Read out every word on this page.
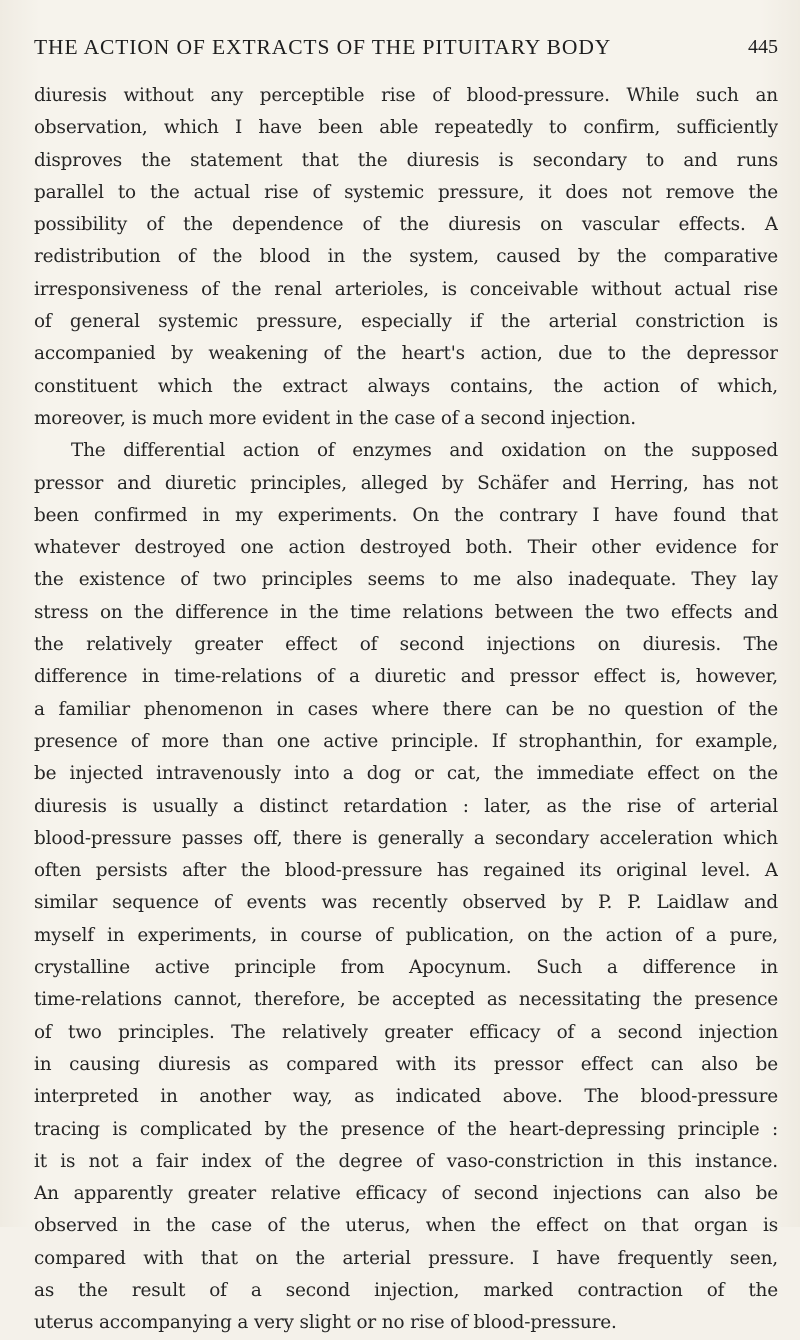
THE ACTION OF EXTRACTS OF THE PITUITARY BODY	445
diuresis without any perceptible rise of blood-pressure. While such an
observation, which I have been able repeatedly to confirm, sufficiently
disproves the statement that the diuresis is secondary to and runs
parallel to the actual rise of systemic pressure, it does not remove the
possibility of the dependence of the diuresis on vascular effects. A
redistribution of the blood in the system, caused by the comparative
irresponsiveness of the renal arterioles, is conceivable without actual rise
of general systemic pressure, especially if the arterial constriction is
accompanied by weakening of the heart's action, due to the depressor
constituent which the extract always contains, the action of which,
moreover, is much more evident in the case of a second injection.
The differential action of enzymes and oxidation on the supposed
pressor and diuretic principles, alleged by Schäfer and Herring, has not
been confirmed in my experiments. On the contrary I have found that
whatever destroyed one action destroyed both. Their other evidence for
the existence of two principles seems to me also inadequate. They lay
stress on the difference in the time relations between the two effects and
the relatively greater effect of second injections on diuresis. The
difference in time-relations of a diuretic and pressor effect is, however,
a familiar phenomenon in cases where there can be no question of the
presence of more than one active principle. If strophanthin, for example,
be injected intravenously into a dog or cat, the immediate effect on the
diuresis is usually a distinct retardation : later, as the rise of arterial
blood-pressure passes off, there is generally a secondary acceleration which
often persists after the blood-pressure has regained its original level. A
similar sequence of events was recently observed by P. P. Laidlaw and
myself in experiments, in course of publication, on the action of a pure,
crystalline active principle from Apocynum. Such a difference in
time-relations cannot, therefore, be accepted as necessitating the presence
of two principles. The relatively greater efficacy of a second injection
in causing diuresis as compared with its pressor effect can also be
interpreted in another way, as indicated above. The blood-pressure
tracing is complicated by the presence of the heart-depressing principle :
it is not a fair index of the degree of vaso-constriction in this instance.
An apparently greater relative efficacy of second injections can also be
observed in the case of the uterus, when the effect on that organ is
compared with that on the arterial pressure. I have frequently seen,
as the result of a second injection, marked contraction of the
uterus accompanying a very slight or no rise of blood-pressure.
